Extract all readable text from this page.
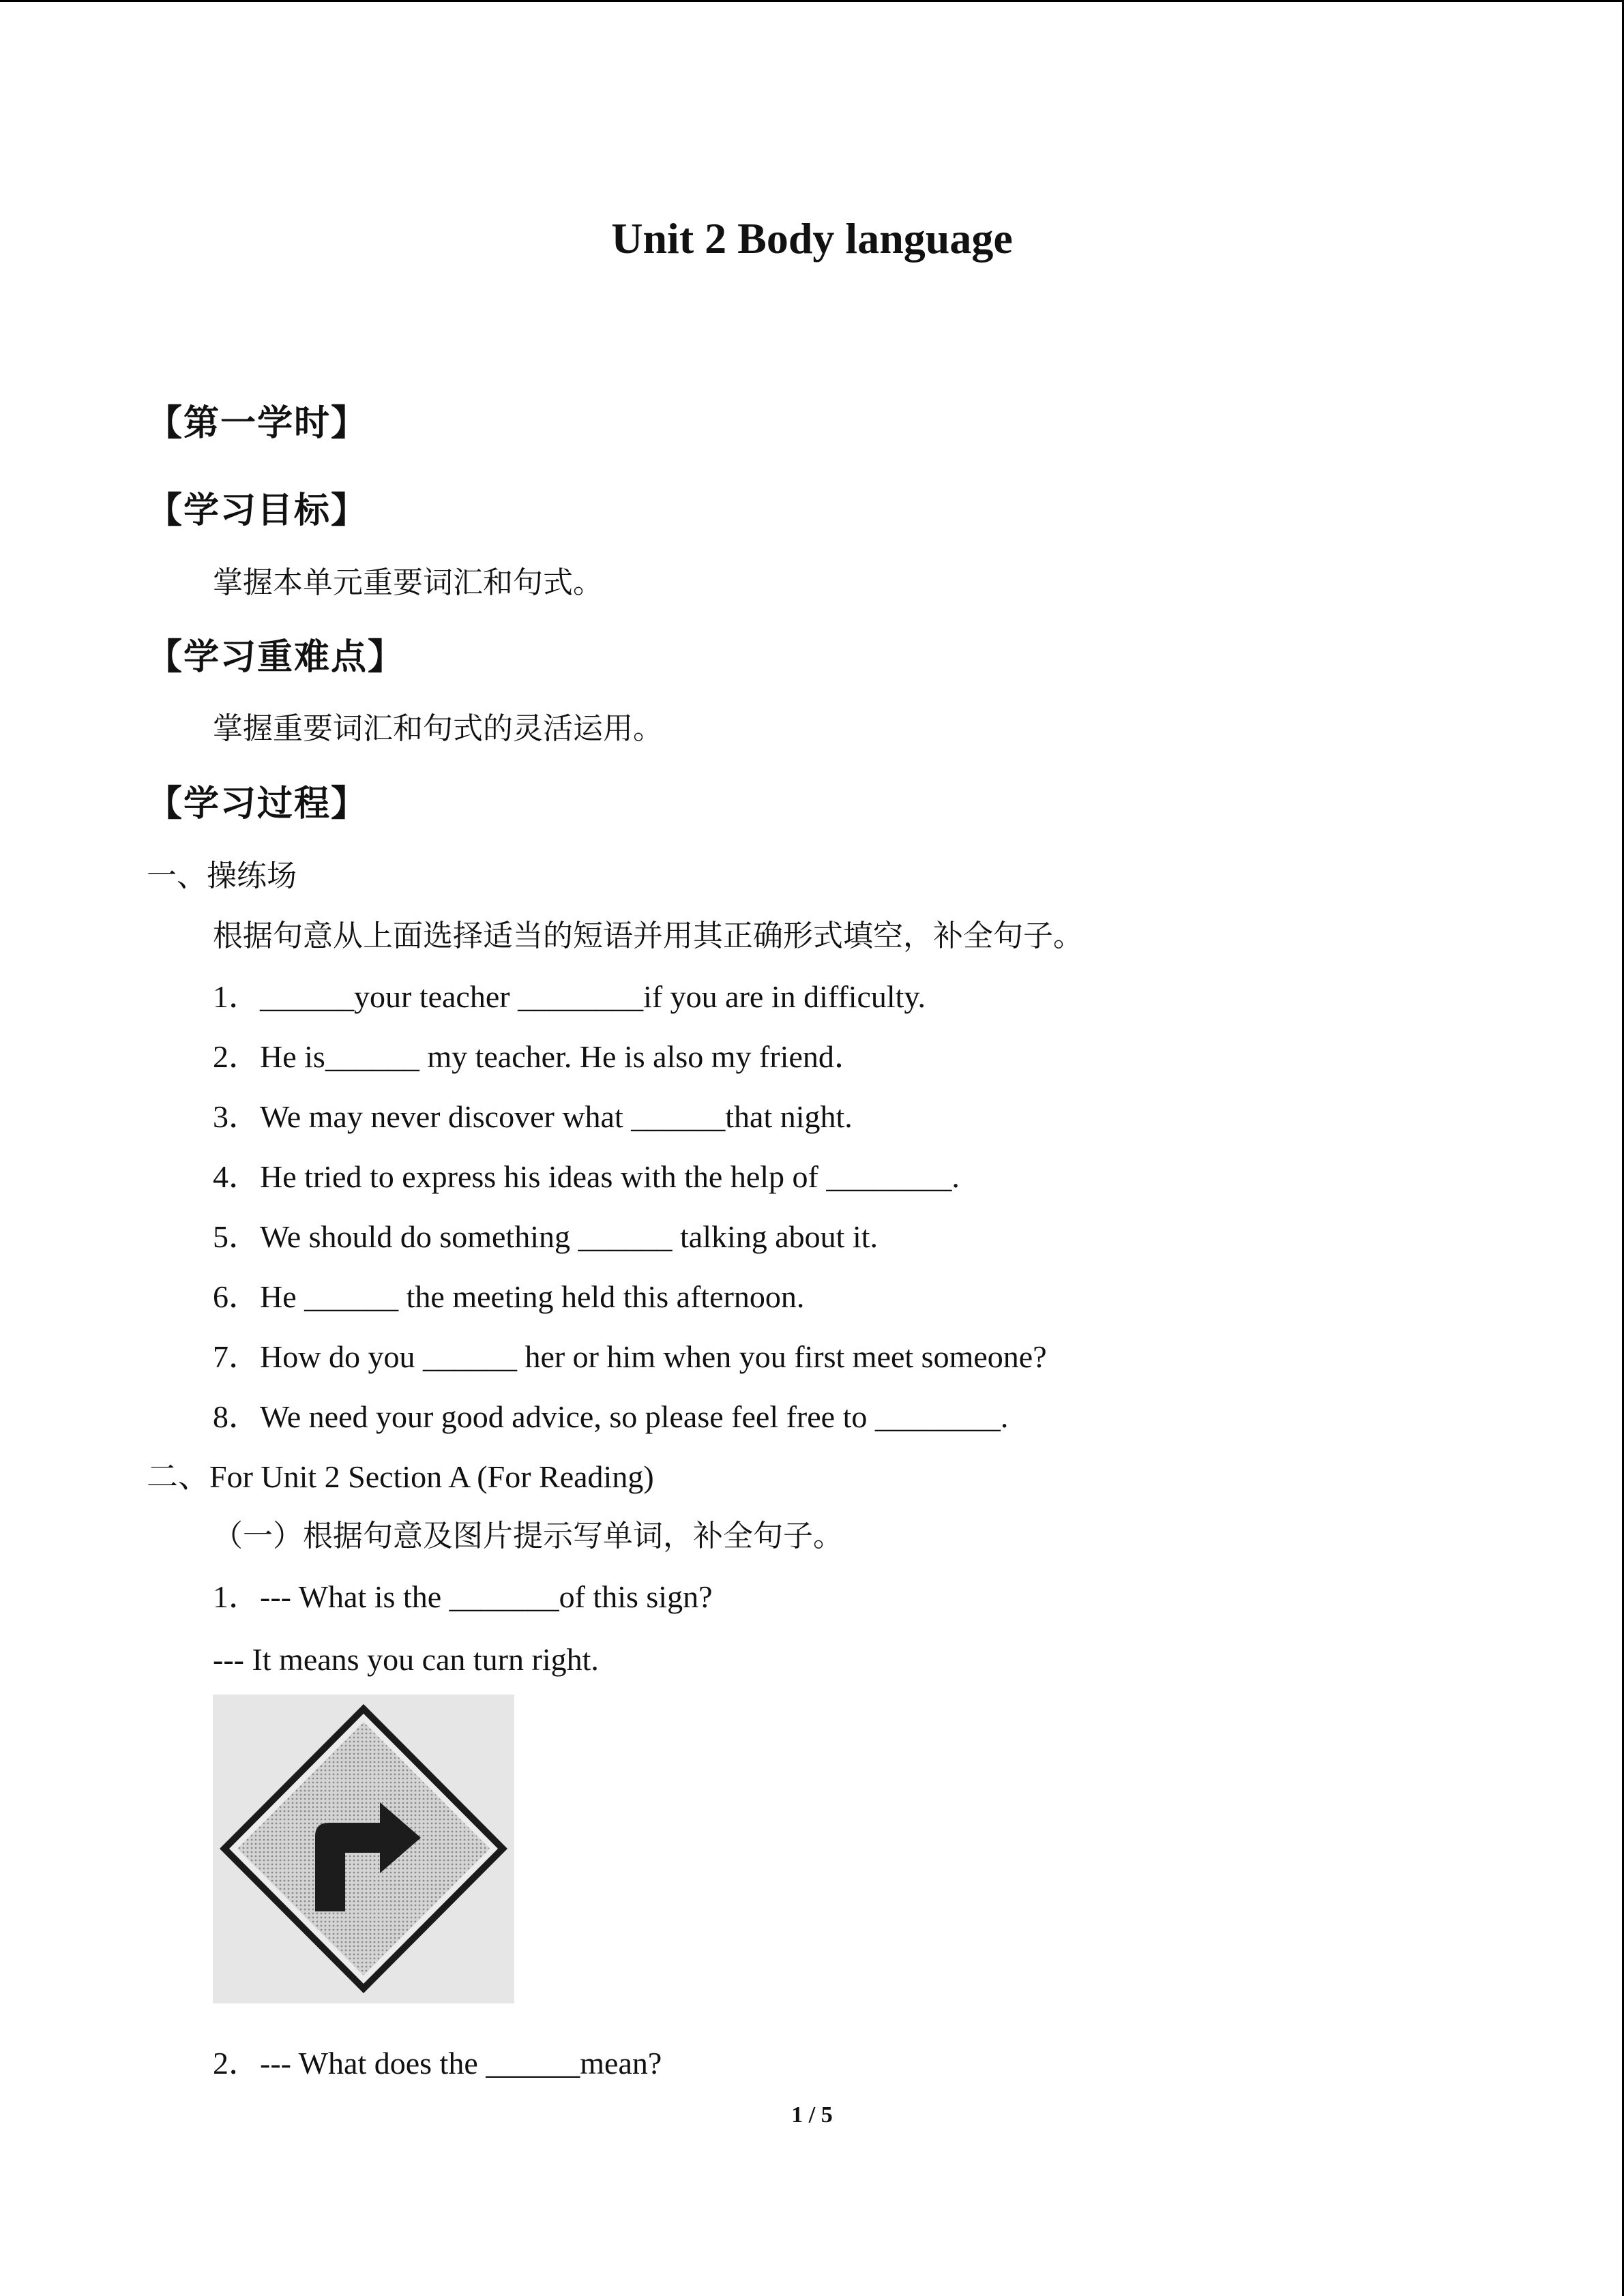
Unit 2 Body language
【第一学时】
【学习目标】
掌握本单元重要词汇和句式。
【学习重难点】
掌握重要词汇和句式的灵活运用。
【学习过程】
一、操练场
根据句意从上面选择适当的短语并用其正确形式填空，补全句子。
1．______your teacher ________if you are in difficulty.
2．He is______ my teacher. He is also my friend．
3．We may never discover what ______that night.
4．He tried to express his ideas with the help of ________.
5．We should do something ______ talking about it.
6．He ______ the meeting held this afternoon.
7．How do you ______ her or him when you first meet someone?
8．We need your good advice, so please feel free to ________.
二、For Unit 2 Section A (For Reading)
（一）根据句意及图片提示写单词，补全句子。
1．--- What is the _______of this sign?
--- It means you can turn right.
2．--- What does the ______mean?
1 / 5
